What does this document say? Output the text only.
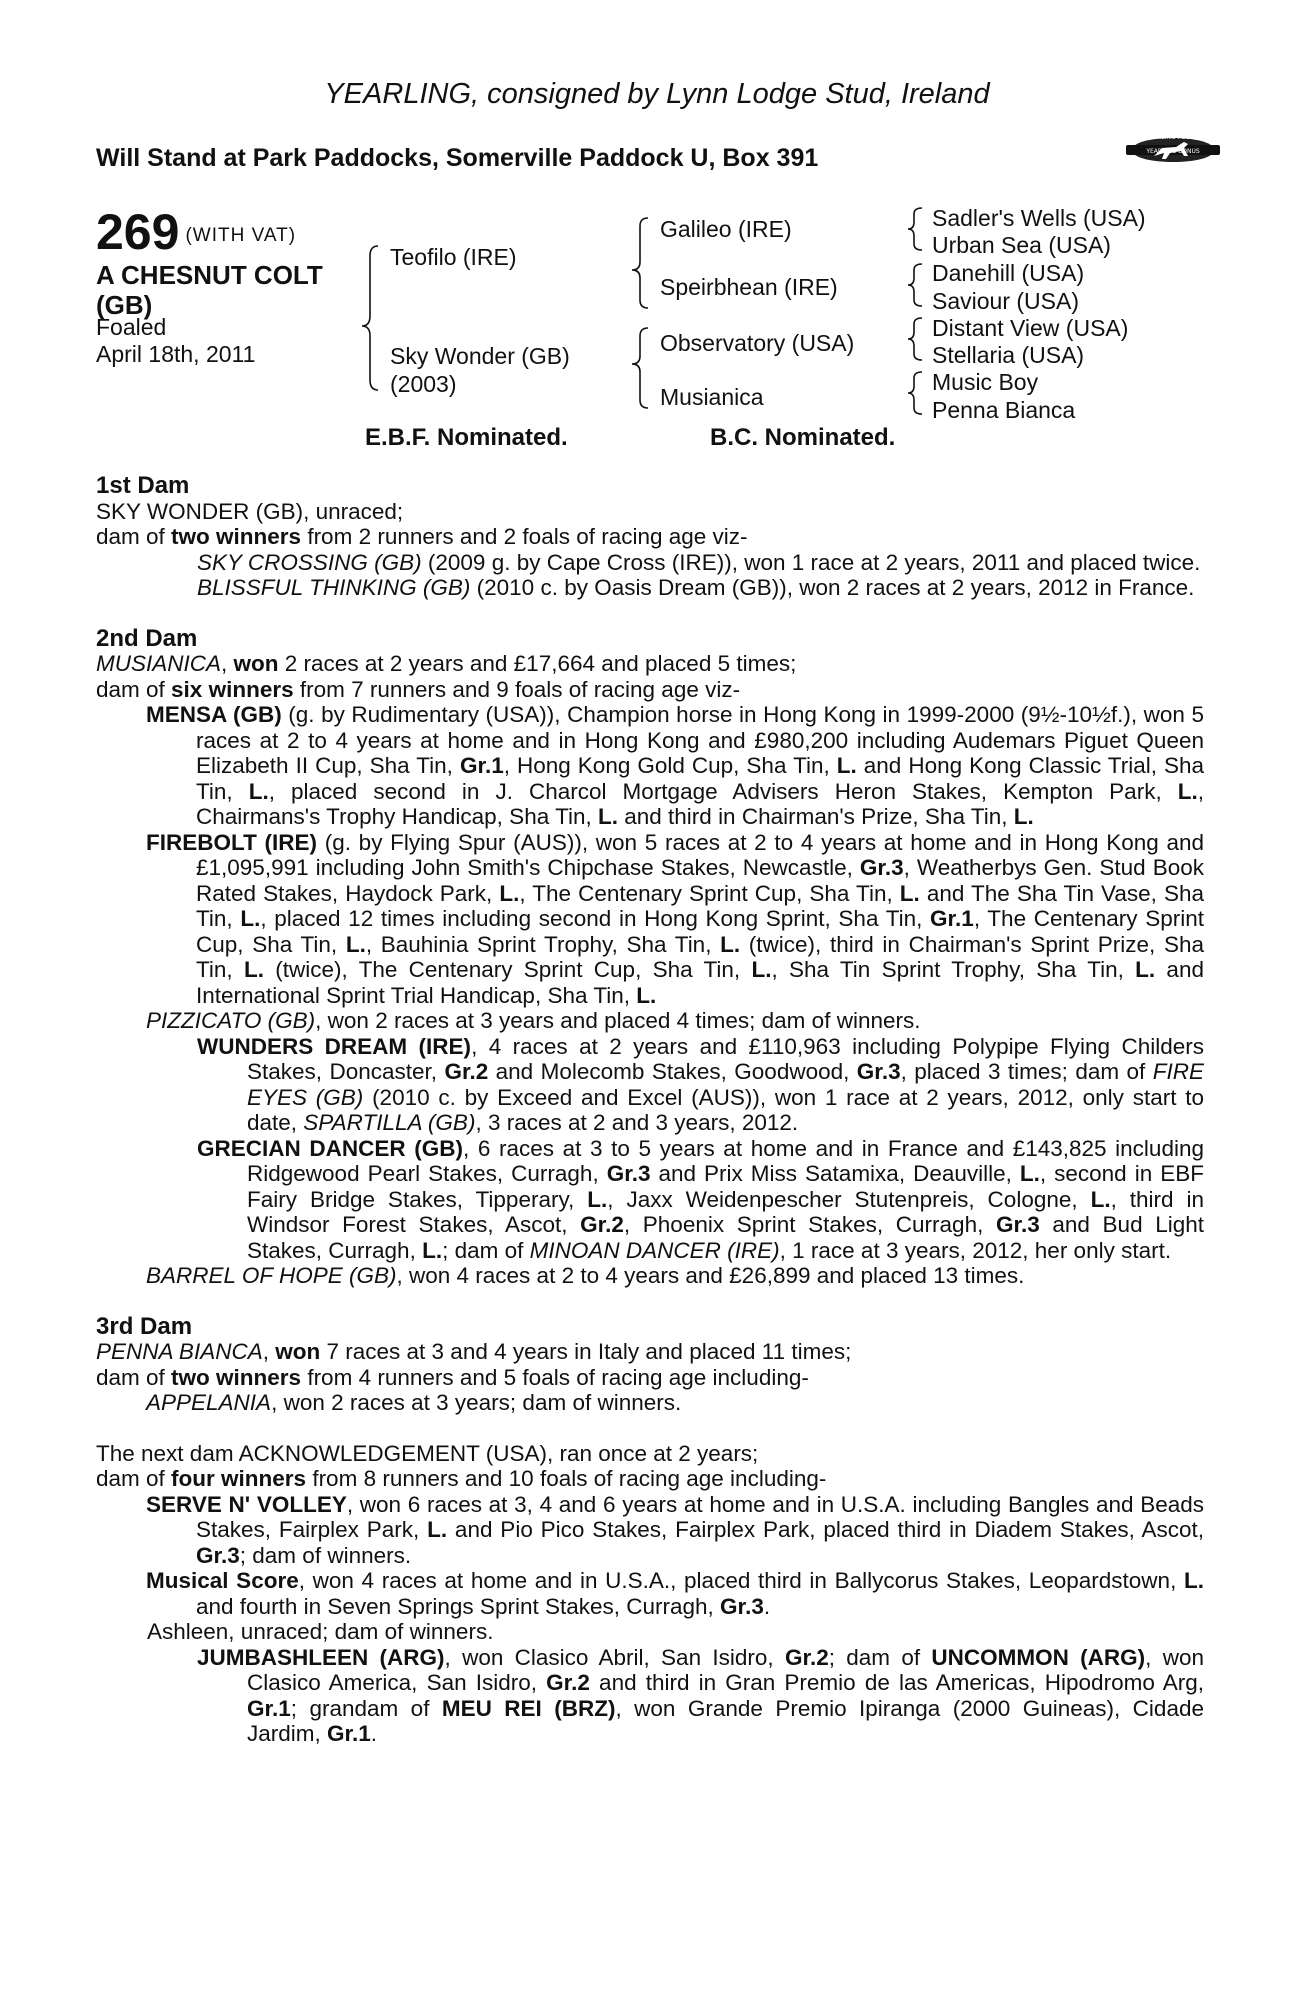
YEARLING, consigned by Lynn Lodge Stud, Ireland
Will Stand at Park Paddocks, Somerville Paddock U, Box 391
RACING POST
YEARLING BONUS
£10,000
269 (WITH VAT)
A CHESNUT COLT
(GB)
Foaled
April 18th, 2011
Teofilo (IRE)
Sky Wonder (GB)
(2003)
Galileo (IRE)
Speirbhean (IRE)
Observatory (USA)
Musianica
Sadler's Wells (USA)
Urban Sea (USA)
Danehill (USA)
Saviour (USA)
Distant View (USA)
Stellaria (USA)
Music Boy
Penna Bianca
E.B.F. Nominated.	B.C. Nominated.
1st Dam
SKY WONDER (GB), unraced;
dam of two winners from 2 runners and 2 foals of racing age viz-
SKY CROSSING (GB) (2009 g. by Cape Cross (IRE)), won 1 race at 2 years, 2011 and placed twice.
BLISSFUL THINKING (GB) (2010 c. by Oasis Dream (GB)), won 2 races at 2 years, 2012 in France.
2nd Dam
MUSIANICA, won 2 races at 2 years and £17,664 and placed 5 times;
dam of six winners from 7 runners and 9 foals of racing age viz-
MENSA (GB) (g. by Rudimentary (USA)), Champion horse in Hong Kong in 1999-2000 (9½-10½f.), won 5 races at 2 to 4 years at home and in Hong Kong and £980,200 including Audemars Piguet Queen Elizabeth II Cup, Sha Tin, Gr.1, Hong Kong Gold Cup, Sha Tin, L. and Hong Kong Classic Trial, Sha Tin, L., placed second in J. Charcol Mortgage Advisers Heron Stakes, Kempton Park, L., Chairmans's Trophy Handicap, Sha Tin, L. and third in Chairman's Prize, Sha Tin, L.
FIREBOLT (IRE) (g. by Flying Spur (AUS)), won 5 races at 2 to 4 years at home and in Hong Kong and £1,095,991 including John Smith's Chipchase Stakes, Newcastle, Gr.3, Weatherbys Gen. Stud Book Rated Stakes, Haydock Park, L., The Centenary Sprint Cup, Sha Tin, L. and The Sha Tin Vase, Sha Tin, L., placed 12 times including second in Hong Kong Sprint, Sha Tin, Gr.1, The Centenary Sprint Cup, Sha Tin, L., Bauhinia Sprint Trophy, Sha Tin, L. (twice), third in Chairman's Sprint Prize, Sha Tin, L. (twice), The Centenary Sprint Cup, Sha Tin, L., Sha Tin Sprint Trophy, Sha Tin, L. and International Sprint Trial Handicap, Sha Tin, L.
PIZZICATO (GB), won 2 races at 3 years and placed 4 times; dam of winners.
WUNDERS DREAM (IRE), 4 races at 2 years and £110,963 including Polypipe Flying Childers Stakes, Doncaster, Gr.2 and Molecomb Stakes, Goodwood, Gr.3, placed 3 times; dam of FIRE EYES (GB) (2010 c. by Exceed and Excel (AUS)), won 1 race at 2 years, 2012, only start to date, SPARTILLA (GB), 3 races at 2 and 3 years, 2012.
GRECIAN DANCER (GB), 6 races at 3 to 5 years at home and in France and £143,825 including Ridgewood Pearl Stakes, Curragh, Gr.3 and Prix Miss Satamixa, Deauville, L., second in EBF Fairy Bridge Stakes, Tipperary, L., Jaxx Weidenpescher Stutenpreis, Cologne, L., third in Windsor Forest Stakes, Ascot, Gr.2, Phoenix Sprint Stakes, Curragh, Gr.3 and Bud Light Stakes, Curragh, L.; dam of MINOAN DANCER (IRE), 1 race at 3 years, 2012, her only start.
BARREL OF HOPE (GB), won 4 races at 2 to 4 years and £26,899 and placed 13 times.
3rd Dam
PENNA BIANCA, won 7 races at 3 and 4 years in Italy and placed 11 times;
dam of two winners from 4 runners and 5 foals of racing age including-
APPELANIA, won 2 races at 3 years; dam of winners.
The next dam ACKNOWLEDGEMENT (USA), ran once at 2 years;
dam of four winners from 8 runners and 10 foals of racing age including-
SERVE N' VOLLEY, won 6 races at 3, 4 and 6 years at home and in U.S.A. including Bangles and Beads Stakes, Fairplex Park, L. and Pio Pico Stakes, Fairplex Park, placed third in Diadem Stakes, Ascot, Gr.3; dam of winners.
Musical Score, won 4 races at home and in U.S.A., placed third in Ballycorus Stakes, Leopardstown, L. and fourth in Seven Springs Sprint Stakes, Curragh, Gr.3.
Ashleen, unraced; dam of winners.
JUMBASHLEEN (ARG), won Clasico Abril, San Isidro, Gr.2; dam of UNCOMMON (ARG), won Clasico America, San Isidro, Gr.2 and third in Gran Premio de las Americas, Hipodromo Arg, Gr.1; grandam of MEU REI (BRZ), won Grande Premio Ipiranga (2000 Guineas), Cidade Jardim, Gr.1.
